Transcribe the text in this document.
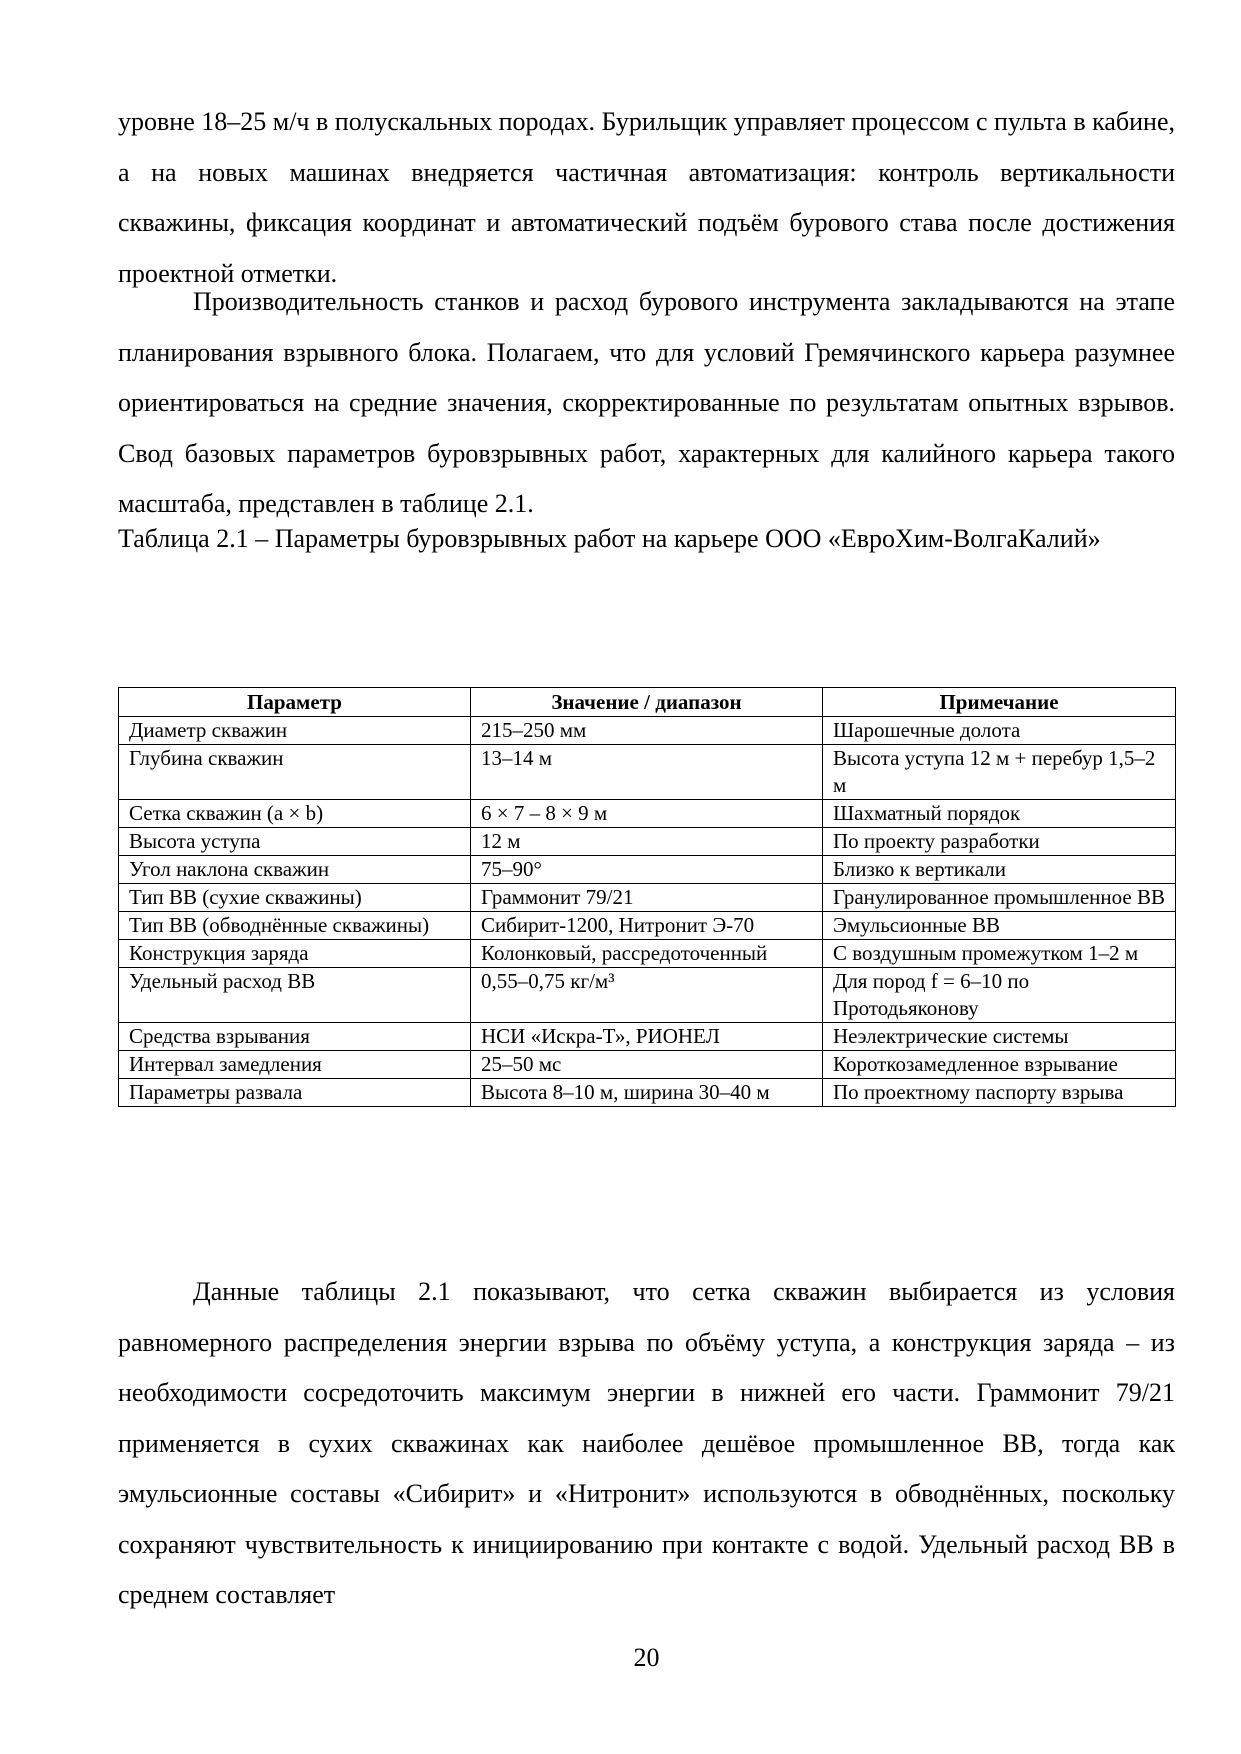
уровне 18–25 м/ч в полускальных породах. Бурильщик управляет процессом с пульта в кабине, а на новых машинах внедряется частичная автоматизация: контроль вертикальности скважины, фиксация координат и автоматический подъём бурового става после достижения проектной отметки.

Производительность станков и расход бурового инструмента закладываются на этапе планирования взрывного блока. Полагаем, что для условий Гремячинского карьера разумнее ориентироваться на средние значения, скорректированные по результатам опытных взрывов. Свод базовых параметров буровзрывных работ, характерных для калийного карьера такого масштаба, представлен в таблице 2.1.

Таблица 2.1 – Параметры буровзрывных работ на карьере ООО «ЕвроХим-ВолгаКалий»

Параметр	Значение / диапазон	Примечание
Диаметр скважин	215–250 мм	Шарошечные долота
Глубина скважин	13–14 м	Высота уступа 12 м + перебур 1,5–2 м
Сетка скважин (a × b)	6 × 7 – 8 × 9 м	Шахматный порядок
Высота уступа	12 м	По проекту разработки
Угол наклона скважин	75–90°	Близко к вертикали
Тип ВВ (сухие скважины)	Граммонит 79/21	Гранулированное промышленное ВВ
Тип ВВ (обводнённые скважины)	Сибирит-1200, Нитронит Э-70	Эмульсионные ВВ
Конструкция заряда	Колонковый, рассредоточенный	С воздушным промежутком 1–2 м
Удельный расход ВВ	0,55–0,75 кг/м³	Для пород f = 6–10 по Протодьяконову
Средства взрывания	НСИ «Искра-Т», РИОНЕЛ	Неэлектрические системы
Интервал замедления	25–50 мс	Короткозамедленное взрывание
Параметры развала	Высота 8–10 м, ширина 30–40 м	По проектному паспорту взрыва

Данные таблицы 2.1 показывают, что сетка скважин выбирается из условия равномерного распределения энергии взрыва по объёму уступа, а конструкция заряда – из необходимости сосредоточить максимум энергии в нижней его части. Граммонит 79/21 применяется в сухих скважинах как наиболее дешёвое промышленное ВВ, тогда как эмульсионные составы «Сибирит» и «Нитронит» используются в обводнённых, поскольку сохраняют чувствительность к инициированию при контакте с водой. Удельный расход ВВ в среднем составляет

20
